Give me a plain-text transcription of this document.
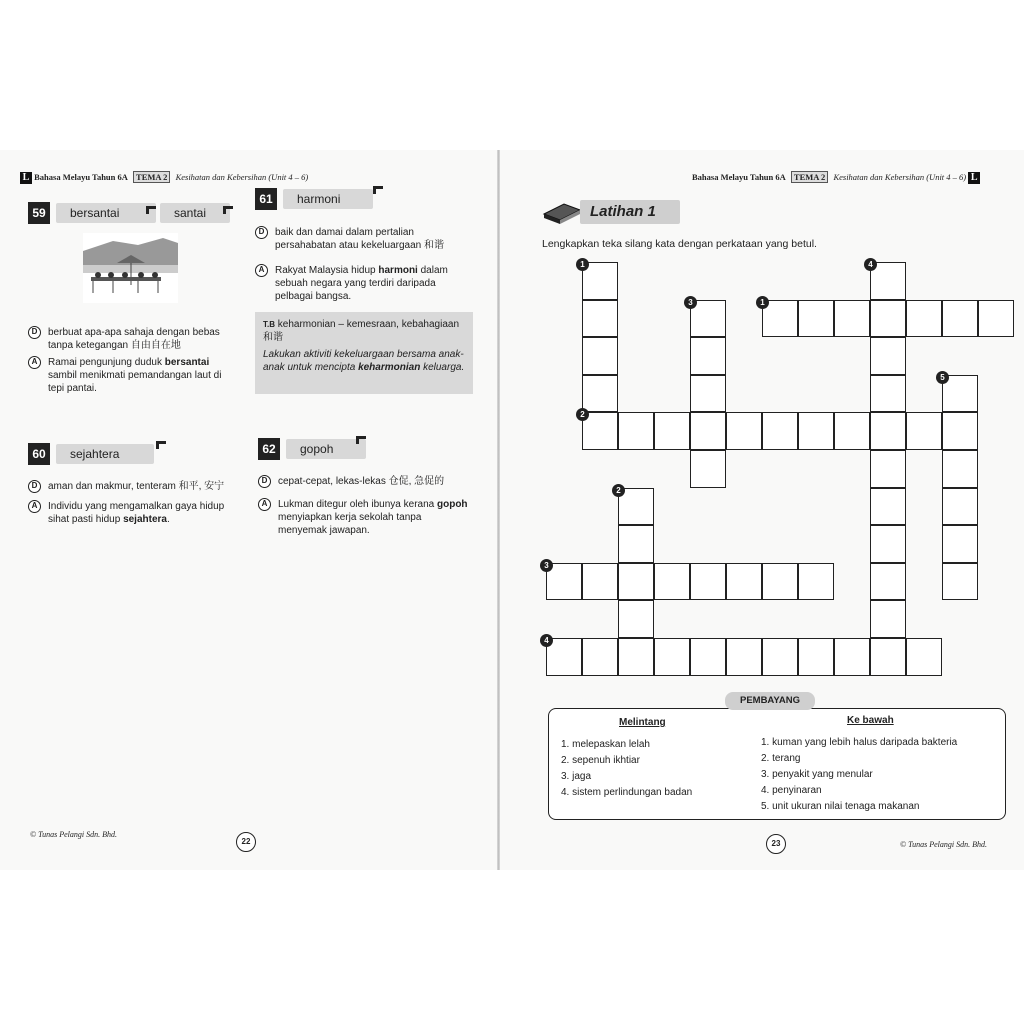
L Bahasa Melayu Tahun 6A TEMA 2 Kesihatan dan Kebersihan (Unit 4 – 6)
59	bersantai	santai
D	berbuat apa-apa sahaja dengan bebas tanpa ketegangan 自由自在地
A	Ramai pengunjung duduk bersantai sambil menikmati pemandangan laut di tepi pantai.
61	harmoni
D	baik dan damai dalam pertalian persahabatan atau kekeluargaan 和谐
A	Rakyat Malaysia hidup harmoni dalam sebuah negara yang terdiri daripada pelbagai bangsa.
T.B keharmonian – kemesraan, kebahagiaan 和谐
Lakukan aktiviti kekeluargaan bersama anak-anak untuk mencipta keharmonian keluarga.
60	sejahtera
D	aman dan makmur, tenteram 和平, 安宁
A	Individu yang mengamalkan gaya hidup sihat pasti hidup sejahtera.
62	gopoh
D	cepat-cepat, lekas-lekas 仓促, 急促的
A	Lukman ditegur oleh ibunya kerana gopoh menyiapkan kerja sekolah tanpa menyemak jawapan.
© Tunas Pelangi Sdn. Bhd.
22
Bahasa Melayu Tahun 6A TEMA 2 Kesihatan dan Kebersihan (Unit 4 – 6) L
Latihan 1
Lengkapkan teka silang kata dengan perkataan yang betul.
1
3
4
2
5
1
2
3
4
Melintang	Ke bawah
1. melepaskan lelah
2. sepenuh ikhtiar
3. jaga
4. sistem perlindungan badan
1. kuman yang lebih halus daripada bakteria
2. terang
3. penyakit yang menular
4. penyinaran
5. unit ukuran nilai tenaga makanan
PEMBAYANG
23	© Tunas Pelangi Sdn. Bhd.
